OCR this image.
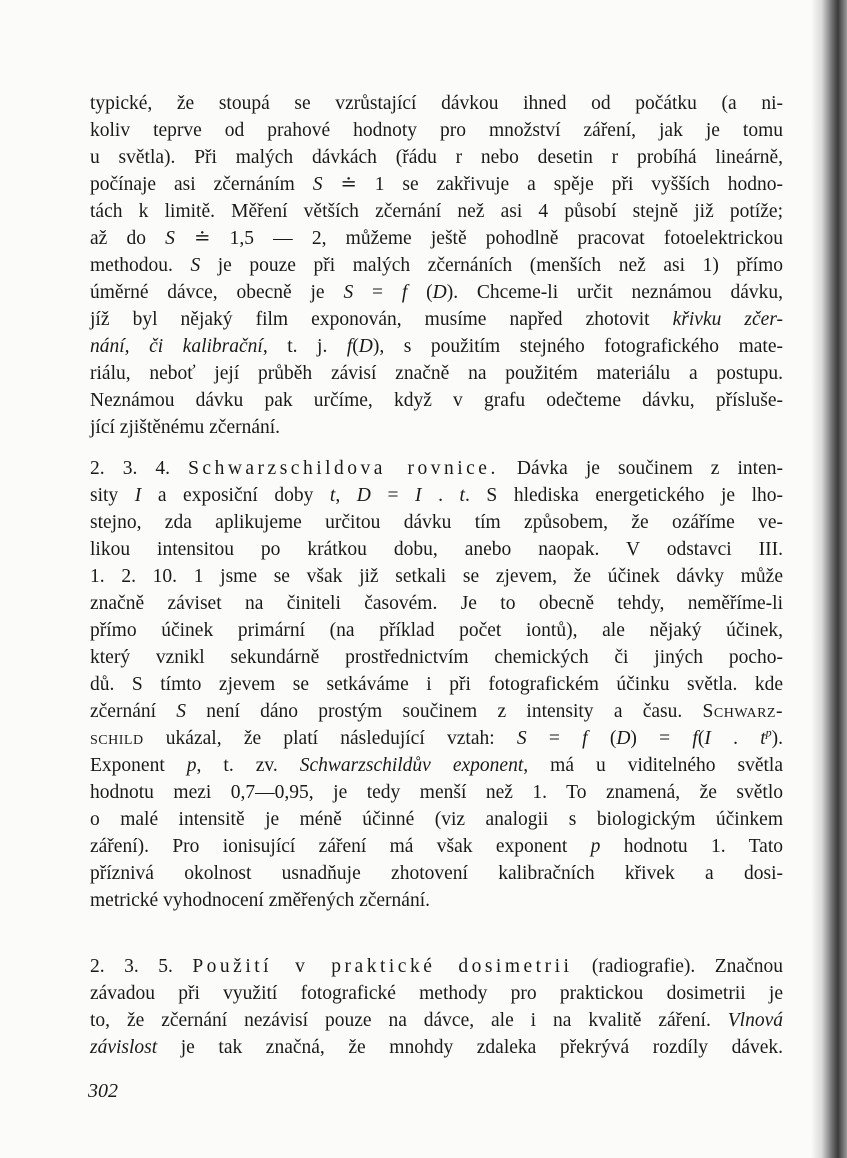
typické, že stoupá se vzrůstající dávkou ihned od počátku (a ni-
koliv teprve od prahové hodnoty pro množství záření, jak je tomu
u světla). Při malých dávkách (řádu r nebo desetin r probíhá lineárně,
počínaje asi zčernáním S ≐ 1 se zakřivuje a spěje při vyšších hodno-
tách k limitě. Měření větších zčernání než asi 4 působí stejně již potíže;
až do S ≐ 1,5 — 2, můžeme ještě pohodlně pracovat fotoelektrickou
methodou. S je pouze při malých zčernáních (menších než asi 1) přímo
úměrné dávce, obecně je S = f (D). Chceme-li určit neznámou dávku,
jíž byl nějaký film exponován, musíme napřed zhotovit křivku zčer-
nání, či kalibrační, t. j. f(D), s použitím stejného fotografického mate-
riálu, neboť její průběh závisí značně na použitém materiálu a postupu.
Neznámou dávku pak určíme, když v grafu odečteme dávku, přísluše-
jící zjištěnému zčernání.
2. 3. 4. Schwarzschildova rovnice. Dávka je součinem z inten-
sity I a exposiční doby t, D = I . t. S hlediska energetického je lho-
stejno, zda aplikujeme určitou dávku tím způsobem, že ozáříme ve-
likou intensitou po krátkou dobu, anebo naopak. V odstavci III.
1. 2. 10. 1 jsme se však již setkali se zjevem, že účinek dávky může
značně záviset na činiteli časovém. Je to obecně tehdy, neměříme-li
přímo účinek primární (na příklad počet iontů), ale nějaký účinek,
který vznikl sekundárně prostřednictvím chemických či jiných pocho-
dů. S tímto zjevem se setkáváme i při fotografickém účinku světla. kde
zčernání S není dáno prostým součinem z intensity a času. Schwarz-
schild ukázal, že platí následující vztah: S = f (D) = f(I . $t^p$).
Exponent p, t. zv. Schwarzschildův exponent, má u viditelného světla
hodnotu mezi 0,7—0,95, je tedy menší než 1. To znamená, že světlo
o malé intensitě je méně účinné (viz analogii s biologickým účinkem
záření). Pro ionisující záření má však exponent p hodnotu 1. Tato
příznivá okolnost usnadňuje zhotovení kalibračních křivek a dosi-
metrické vyhodnocení změřených zčernání.
2. 3. 5. Použití v praktické dosimetrii (radiografie). Značnou
závadou při využití fotografické methody pro praktickou dosimetrii je
to, že zčernání nezávisí pouze na dávce, ale i na kvalitě záření. Vlnová
závislost je tak značná, že mnohdy zdaleka překrývá rozdíly dávek.
302
